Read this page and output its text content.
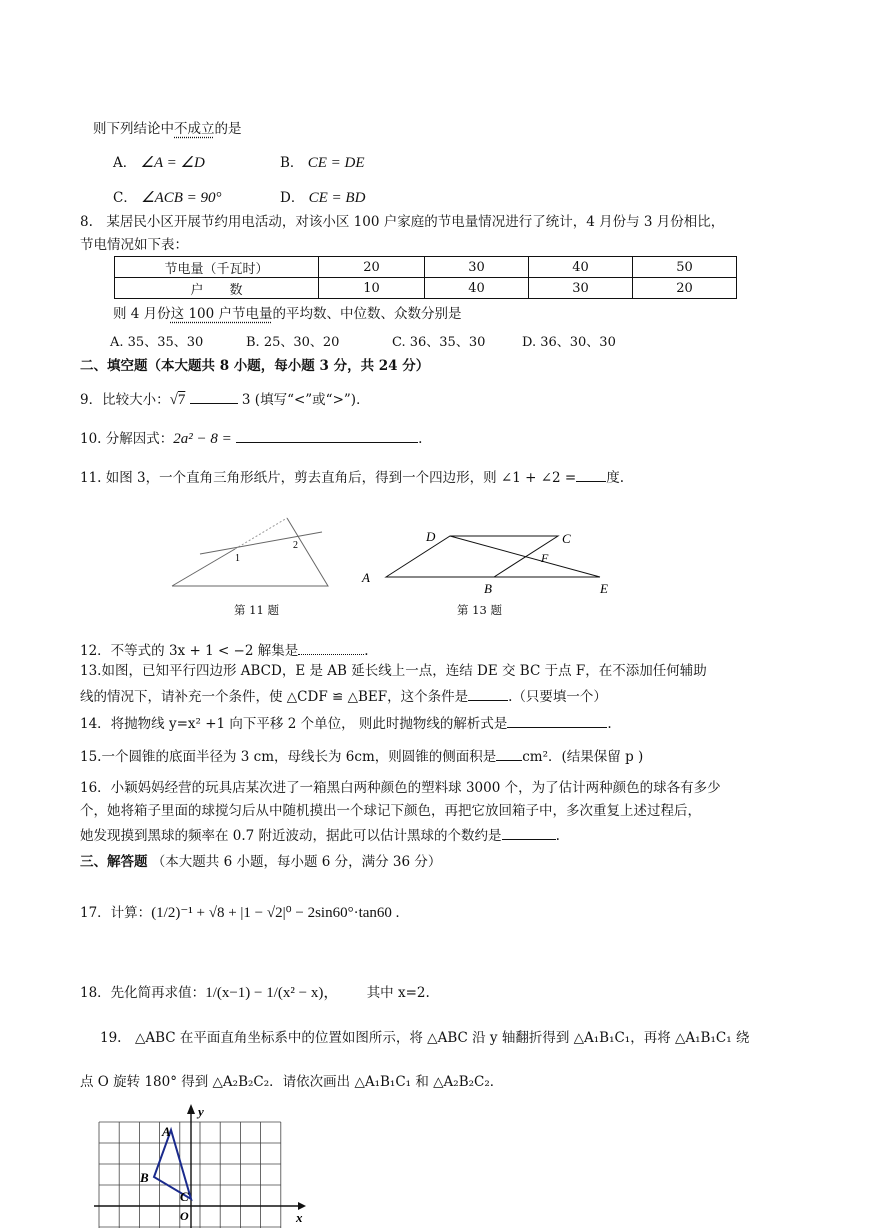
则下列结论中不成立的是
A． ∠A = ∠D	B． CE = DE
C． ∠ACB = 90°	D． CE = BD
8.　某居民小区开展节约用电活动，对该小区 100 户家庭的节电量情况进行了统计，4 月份与 3 月份相比，
节电情况如下表：
节电量（千瓦时）	20	30	40	50
户　　数	10	40	30	20
则 4 月份这 100 户节电量的平均数、中位数、众数分别是
A. 35、35、30	B. 25、30、20	C. 36、35、30	D. 36、30、30
二、填空题（本大题共 8 小题，每小题 3 分，共 24 分）
9．比较大小：√7	3 (填写“<”或“>”)．
10. 分解因式：2a² − 8 =	.
11. 如图 3，一个直角三角形纸片，剪去直角后，得到一个四边形，则 ∠1 + ∠2 = 度.
1
2
第 11 题
A
D	C
F
B	E
第 13 题
12．不等式的 3x + 1 < −2 解集是	.
13.如图，已知平行四边形 ABCD，E 是 AB 延长线上一点，连结 DE 交 BC 于点 F，在不添加任何辅助
线的情况下，请补充一个条件，使 △CDF ≌ △BEF，这个条件是	.（只要填一个）
14．将抛物线 y=x² +1 向下平移 2 个单位， 则此时抛物线的解析式是	.
15.一个圆锥的底面半径为 3 cm，母线长为 6cm，则圆锥的侧面积是 cm²．(结果保留 p )
16．小颖妈妈经营的玩具店某次进了一箱黑白两种颜色的塑料球 3000 个，为了估计两种颜色的球各有多少
个，她将箱子里面的球搅匀后从中随机摸出一个球记下颜色，再把它放回箱子中，多次重复上述过程后，
她发现摸到黑球的频率在 0.7 附近波动，据此可以估计黑球的个数约是	.
三、解答题 （本大题共 6 小题，每小题 6 分，满分 36 分）
17．计算：(1/2)⁻¹ + √8 + |1 − √2|⁰ − 2sin60°·tan60 .
18．先化简再求值：1/(x−1) − 1/(x² − x)， 其中 x=2.
19.　△ABC 在平面直角坐标系中的位置如图所示，将 △ABC 沿 y 轴翻折得到 △A₁B₁C₁，再将 △A₁B₁C₁ 绕
点 O 旋转 180° 得到 △A₂B₂C₂．请依次画出 △A₁B₁C₁ 和 △A₂B₂C₂．
A
B
C
O
y
x
